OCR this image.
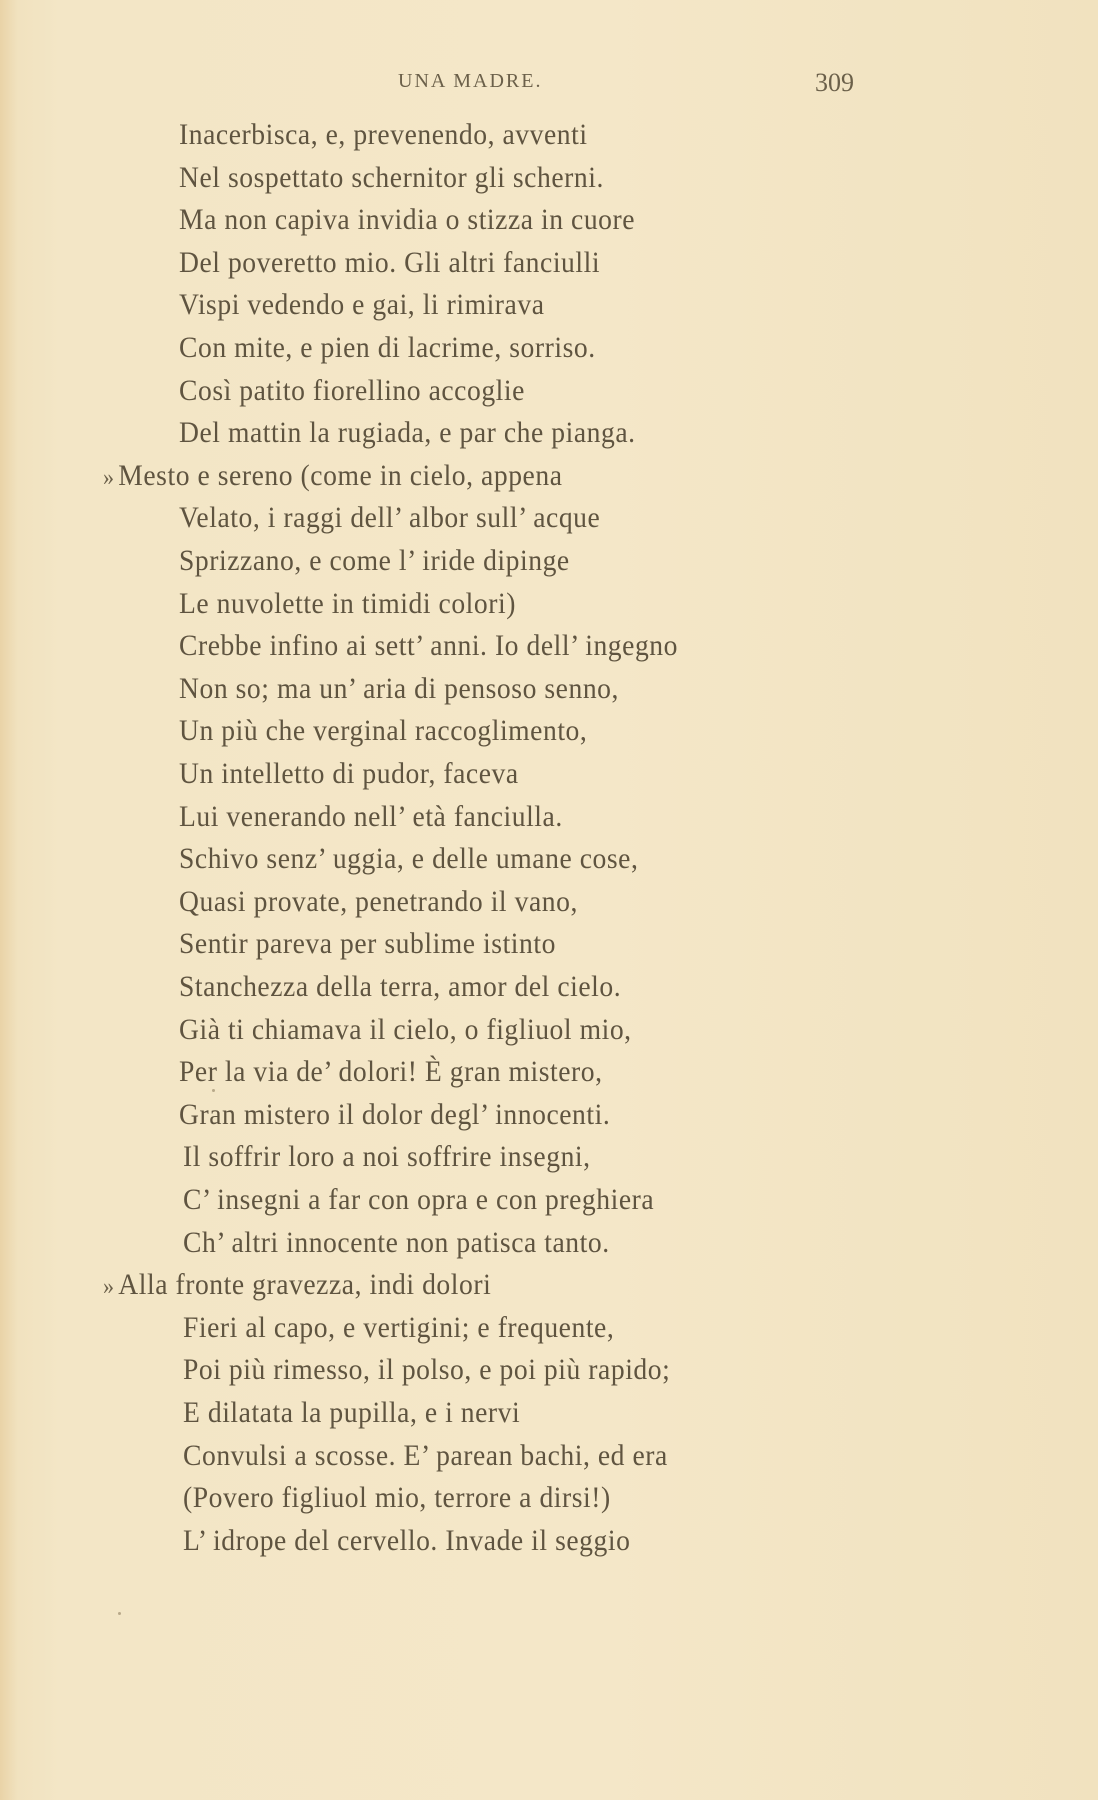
UNA MADRE.	309
Inacerbisca, e, prevenendo, avventi
Nel sospettato schernitor gli scherni.
Ma non capiva invidia o stizza in cuore
Del poveretto mio. Gli altri fanciulli
Vispi vedendo e gai, li rimirava
Con mite, e pien di lacrime, sorriso.
Così patito fiorellino accoglie
Del mattin la rugiada, e par che pianga.
» Mesto e sereno (come in cielo, appena
Velato, i raggi dell’ albor sull’ acque
Sprizzano, e come l’ iride dipinge
Le nuvolette in timidi colori)
Crebbe infino ai sett’ anni. Io dell’ ingegno
Non so; ma un’ aria di pensoso senno,
Un più che verginal raccoglimento,
Un intelletto di pudor, faceva
Lui venerando nell’ età fanciulla.
Schivo senz’ uggia, e delle umane cose,
Quasi provate, penetrando il vano,
Sentir pareva per sublime istinto
Stanchezza della terra, amor del cielo.
Già ti chiamava il cielo, o figliuol mio,
Per la via de’ dolori! È gran mistero,
Gran mistero il dolor degl’ innocenti.
Il soffrir loro a noi soffrire insegni,
C’ insegni a far con opra e con preghiera
Ch’ altri innocente non patisca tanto.
» Alla fronte gravezza, indi dolori
Fieri al capo, e vertigini; e frequente,
Poi più rimesso, il polso, e poi più rapido;
E dilatata la pupilla, e i nervi
Convulsi a scosse. E’ parean bachi, ed era
(Povero figliuol mio, terrore a dirsi!)
L’ idrope del cervello. Invade il seggio
